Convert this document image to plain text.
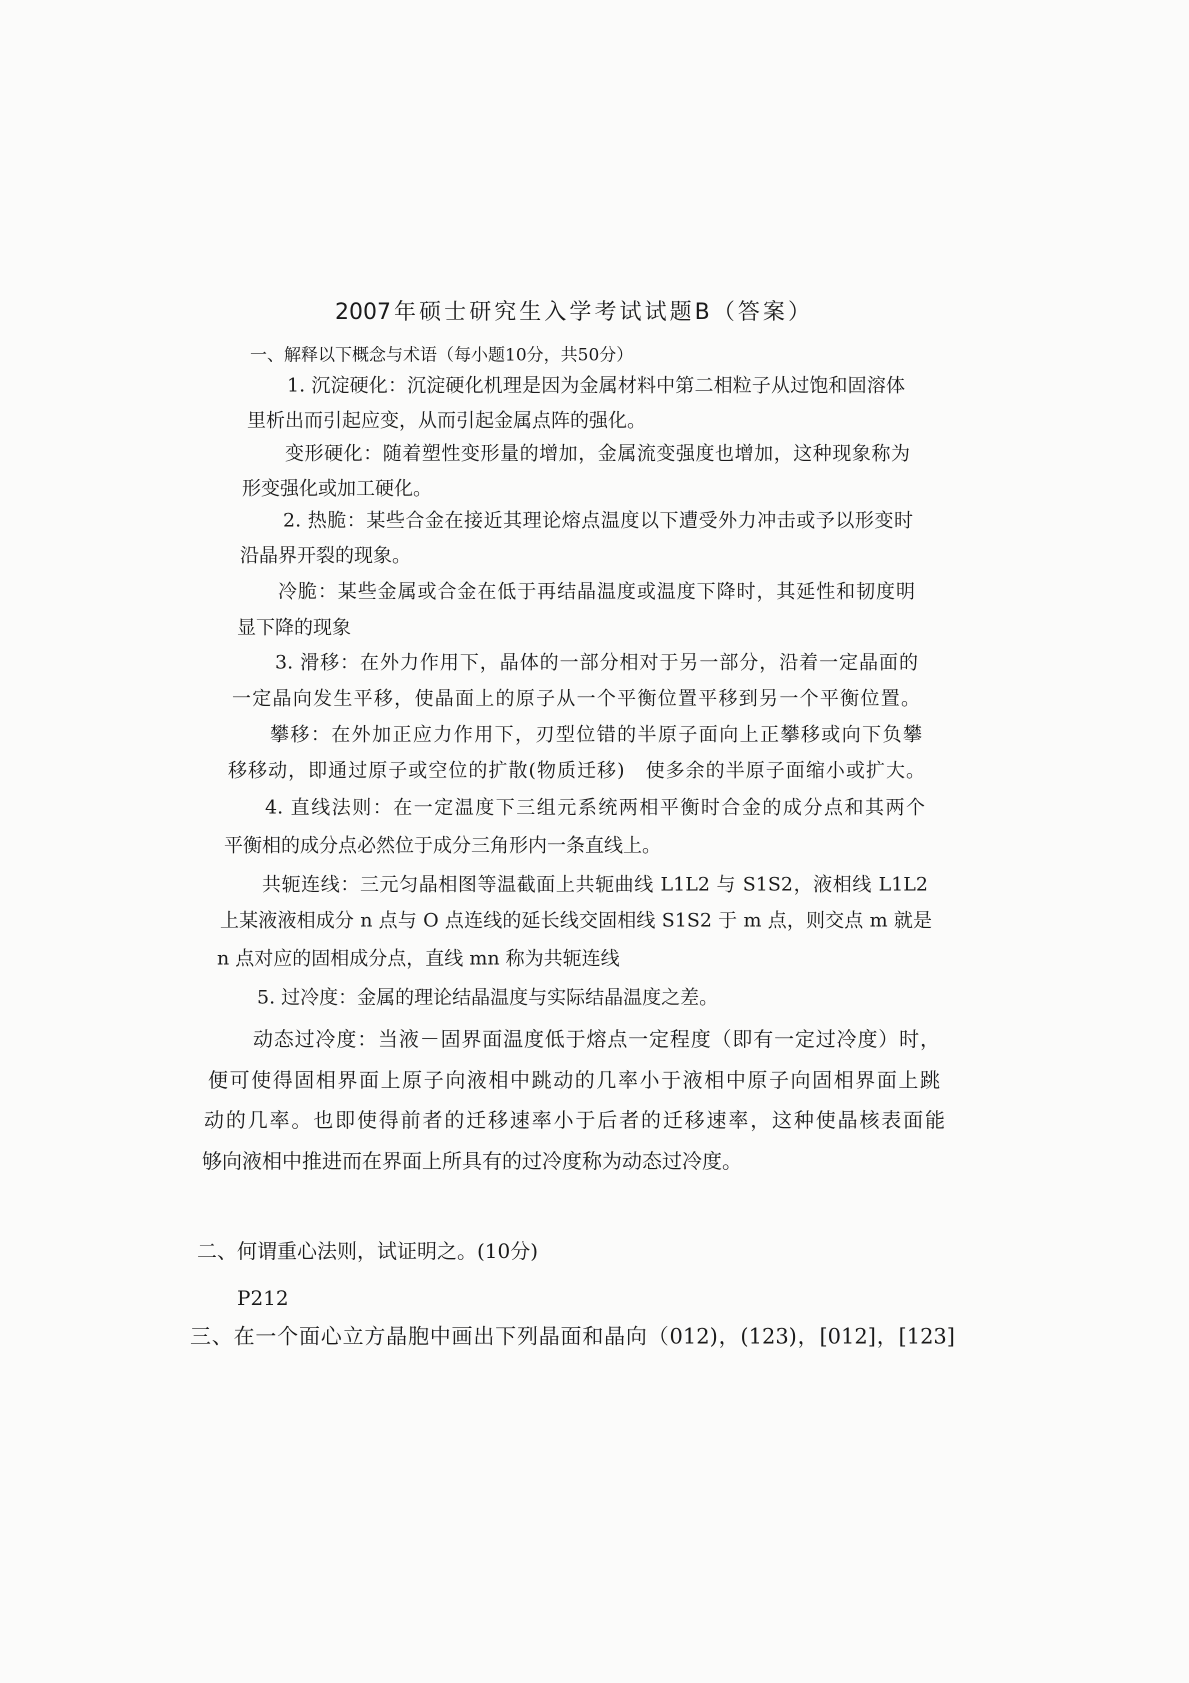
2007年硕士研究生入学考试试题B（答案）
一、解释以下概念与术语（每小题10分，共50分）
1. 沉淀硬化：沉淀硬化机理是因为金属材料中第二相粒子从过饱和固溶体
里析出而引起应变，从而引起金属点阵的强化。
变形硬化：随着塑性变形量的增加，金属流变强度也增加，这种现象称为
形变强化或加工硬化。
2. 热脆：某些合金在接近其理论熔点温度以下遭受外力冲击或予以形变时
沿晶界开裂的现象。
冷脆：某些金属或合金在低于再结晶温度或温度下降时，其延性和韧度明
显下降的现象
3. 滑移：在外力作用下，晶体的一部分相对于另一部分，沿着一定晶面的
一定晶向发生平移，使晶面上的原子从一个平衡位置平移到另一个平衡位置。
攀移：在外加正应力作用下，刃型位错的半原子面向上正攀移或向下负攀
移移动，即通过原子或空位的扩散(物质迁移)　使多余的半原子面缩小或扩大。
4. 直线法则：在一定温度下三组元系统两相平衡时合金的成分点和其两个
平衡相的成分点必然位于成分三角形内一条直线上。
共轭连线：三元匀晶相图等温截面上共轭曲线 L1L2 与 S1S2，液相线 L1L2
上某液液相成分 n 点与 O 点连线的延长线交固相线 S1S2 于 m 点，则交点 m 就是
n 点对应的固相成分点，直线 mn 称为共轭连线
5. 过冷度：金属的理论结晶温度与实际结晶温度之差。
动态过冷度：当液－固界面温度低于熔点一定程度（即有一定过冷度）时，
便可使得固相界面上原子向液相中跳动的几率小于液相中原子向固相界面上跳
动的几率。也即使得前者的迁移速率小于后者的迁移速率，这种使晶核表面能
够向液相中推进而在界面上所具有的过冷度称为动态过冷度。
二、何谓重心法则，试证明之。(10分)
P212
三、在一个面心立方晶胞中画出下列晶面和晶向（012)，(123)，[012]，[123]
